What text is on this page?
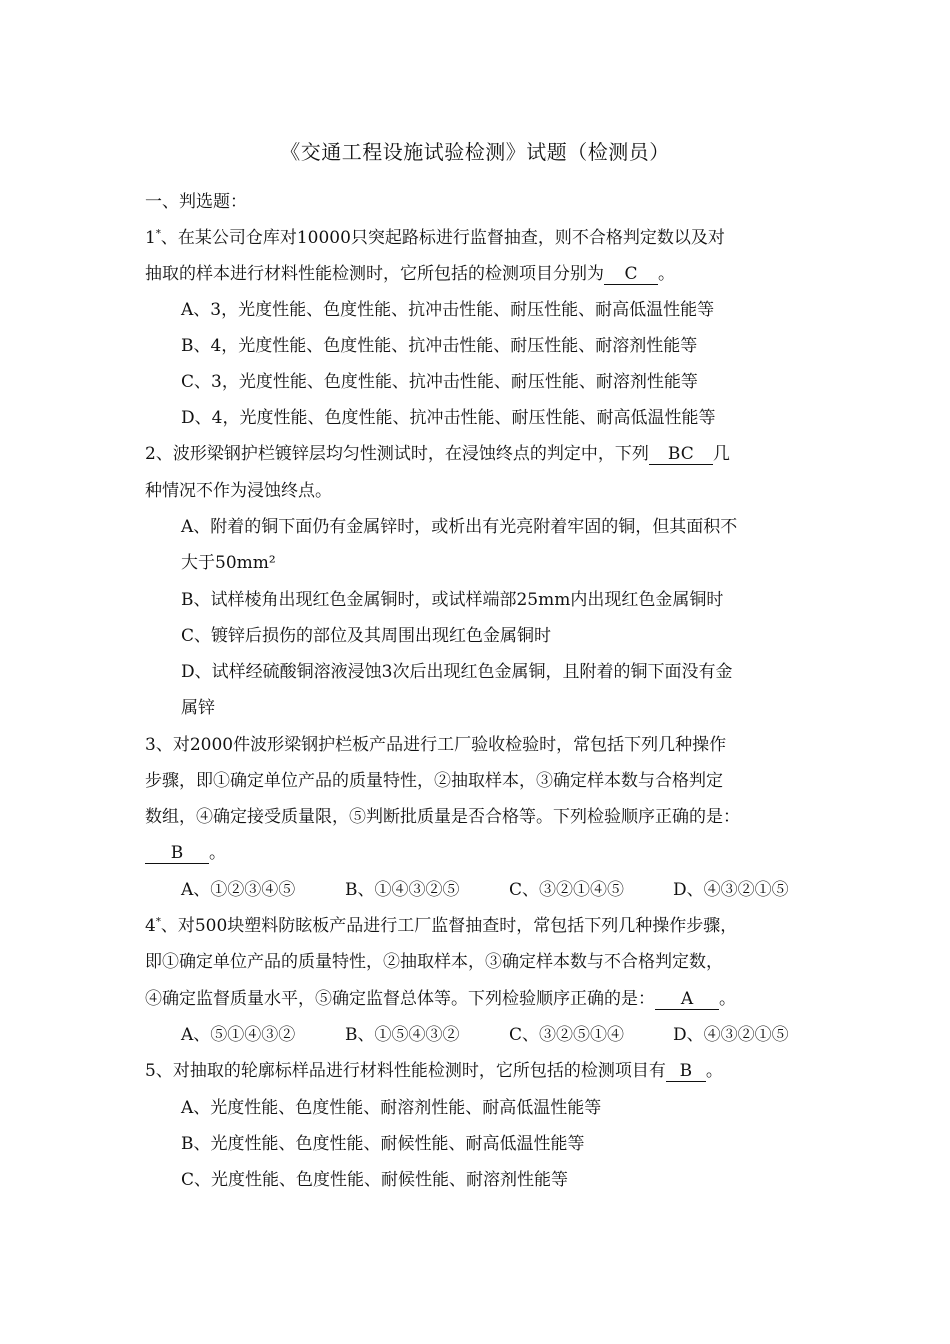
《交通工程设施试验检测》试题（检测员）
一、判选题：
1*、在某公司仓库对10000只突起路标进行监督抽查，则不合格判定数以及对
抽取的样本进行材料性能检测时，它所包括的检测项目分别为 C 。
A、3，光度性能、色度性能、抗冲击性能、耐压性能、耐高低温性能等
B、4，光度性能、色度性能、抗冲击性能、耐压性能、耐溶剂性能等
C、3，光度性能、色度性能、抗冲击性能、耐压性能、耐溶剂性能等
D、4，光度性能、色度性能、抗冲击性能、耐压性能、耐高低温性能等
2、波形梁钢护栏镀锌层均匀性测试时，在浸蚀终点的判定中，下列 BC 几
种情况不作为浸蚀终点。
A、附着的铜下面仍有金属锌时，或析出有光亮附着牢固的铜，但其面积不
大于50mm²
B、试样棱角出现红色金属铜时，或试样端部25mm内出现红色金属铜时
C、镀锌后损伤的部位及其周围出现红色金属铜时
D、试样经硫酸铜溶液浸蚀3次后出现红色金属铜，且附着的铜下面没有金
属锌
3、对2000件波形梁钢护栏板产品进行工厂验收检验时，常包括下列几种操作
步骤，即①确定单位产品的质量特性，②抽取样本，③确定样本数与合格判定
数组，④确定接受质量限，⑤判断批质量是否合格等。下列检验顺序正确的是：
B 。
A、①②③④⑤	B、①④③②⑤	C、③②①④⑤	D、④③②①⑤
4*、对500块塑料防眩板产品进行工厂监督抽查时，常包括下列几种操作步骤，
即①确定单位产品的质量特性，②抽取样本，③确定样本数与不合格判定数，
④确定监督质量水平，⑤确定监督总体等。下列检验顺序正确的是： A 。
A、⑤①④③②	B、①⑤④③②	C、③②⑤①④	D、④③②①⑤
5、对抽取的轮廓标样品进行材料性能检测时，它所包括的检测项目有 B 。
A、光度性能、色度性能、耐溶剂性能、耐高低温性能等
B、光度性能、色度性能、耐候性能、耐高低温性能等
C、光度性能、色度性能、耐候性能、耐溶剂性能等
